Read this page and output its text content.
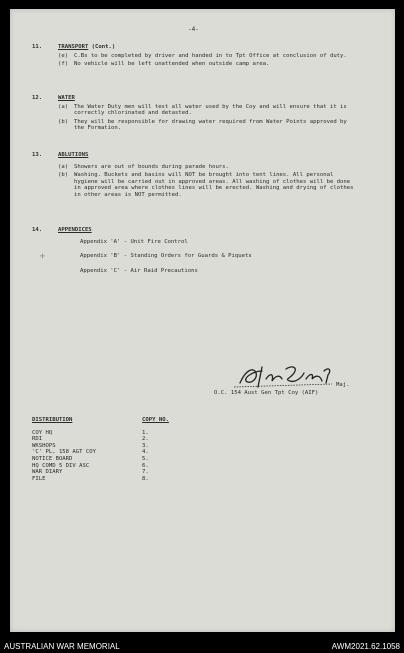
-4-
11.	TRANSPORT (Cont.)
(e)	C.Bs to be completed by driver and handed in to Tpt Office at conclusion of duty.
(f)	No vehicle will be left unattended when outside camp area.
12.	WATER
(a)	The Water Duty men will test all water used by the Coy and will ensure that it is correctly chlorinated and detasted.
(b)	They will be responsible for drawing water required from Water Points approved by the Formation.
13.	ABLUTIONS
(a)	Showers are out of bounds during parade hours.
(b)	Washing. Buckets and basins will NOT be brought into tent lines. All personal hygiene will be carried out in approved areas. All washing of clothes will be done in approved area where clothes lines will be erected. Washing and drying of clothes in other areas is NOT permitted.
14.	APPENDICES
Appendix 'A' - Unit Fire Control
Appendix 'B' - Standing Orders for Guards & Piquets
Appendix 'C' - Air Raid Precautions
✢
Maj.
O.C. 154 Aust Gen Tpt Coy (AIF)
DISTRIBUTION	COPY NO.
COY HQ	1.
RDI	2.
WKSHOPS	3.
'C' PL, 158 AGT COY	4.
NOTICE BOARD	5.
HQ COMD 5 DIV ASC	6.
WAR DIARY	7.
FILE	8.
AUSTRALIAN WAR MEMORIAL	AWM2021.62.1058
